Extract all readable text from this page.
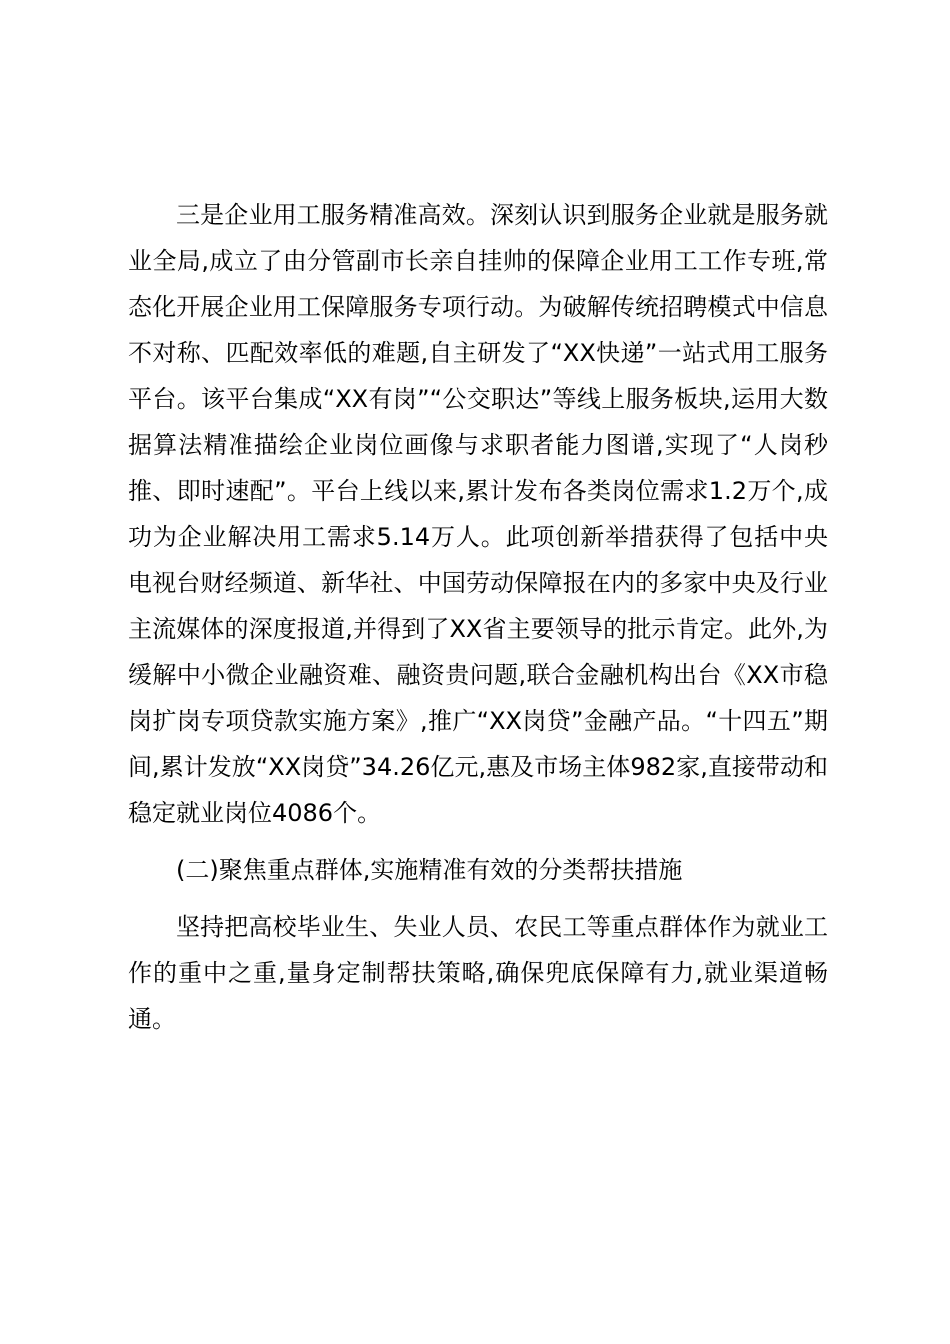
三是企业用工服务精准高效。深刻认识到服务企业就是服务就业全局,成立了由分管副市长亲自挂帅的保障企业用工工作专班,常态化开展企业用工保障服务专项行动。为破解传统招聘模式中信息不对称、匹配效率低的难题,自主研发了“XX快递”一站式用工服务平台。该平台集成“XX有岗”“公交职达”等线上服务板块,运用大数据算法精准描绘企业岗位画像与求职者能力图谱,实现了“人岗秒推、即时速配”。平台上线以来,累计发布各类岗位需求1.2万个,成功为企业解决用工需求5.14万人。此项创新举措获得了包括中央电视台财经频道、新华社、中国劳动保障报在内的多家中央及行业主流媒体的深度报道,并得到了XX省主要领导的批示肯定。此外,为缓解中小微企业融资难、融资贵问题,联合金融机构出台《XX市稳岗扩岗专项贷款实施方案》,推广“XX岗贷”金融产品。“十四五”期间,累计发放“XX岗贷”34.26亿元,惠及市场主体982家,直接带动和稳定就业岗位4086个。

(二)聚焦重点群体,实施精准有效的分类帮扶措施

坚持把高校毕业生、失业人员、农民工等重点群体作为就业工作的重中之重,量身定制帮扶策略,确保兜底保障有力,就业渠道畅通。
